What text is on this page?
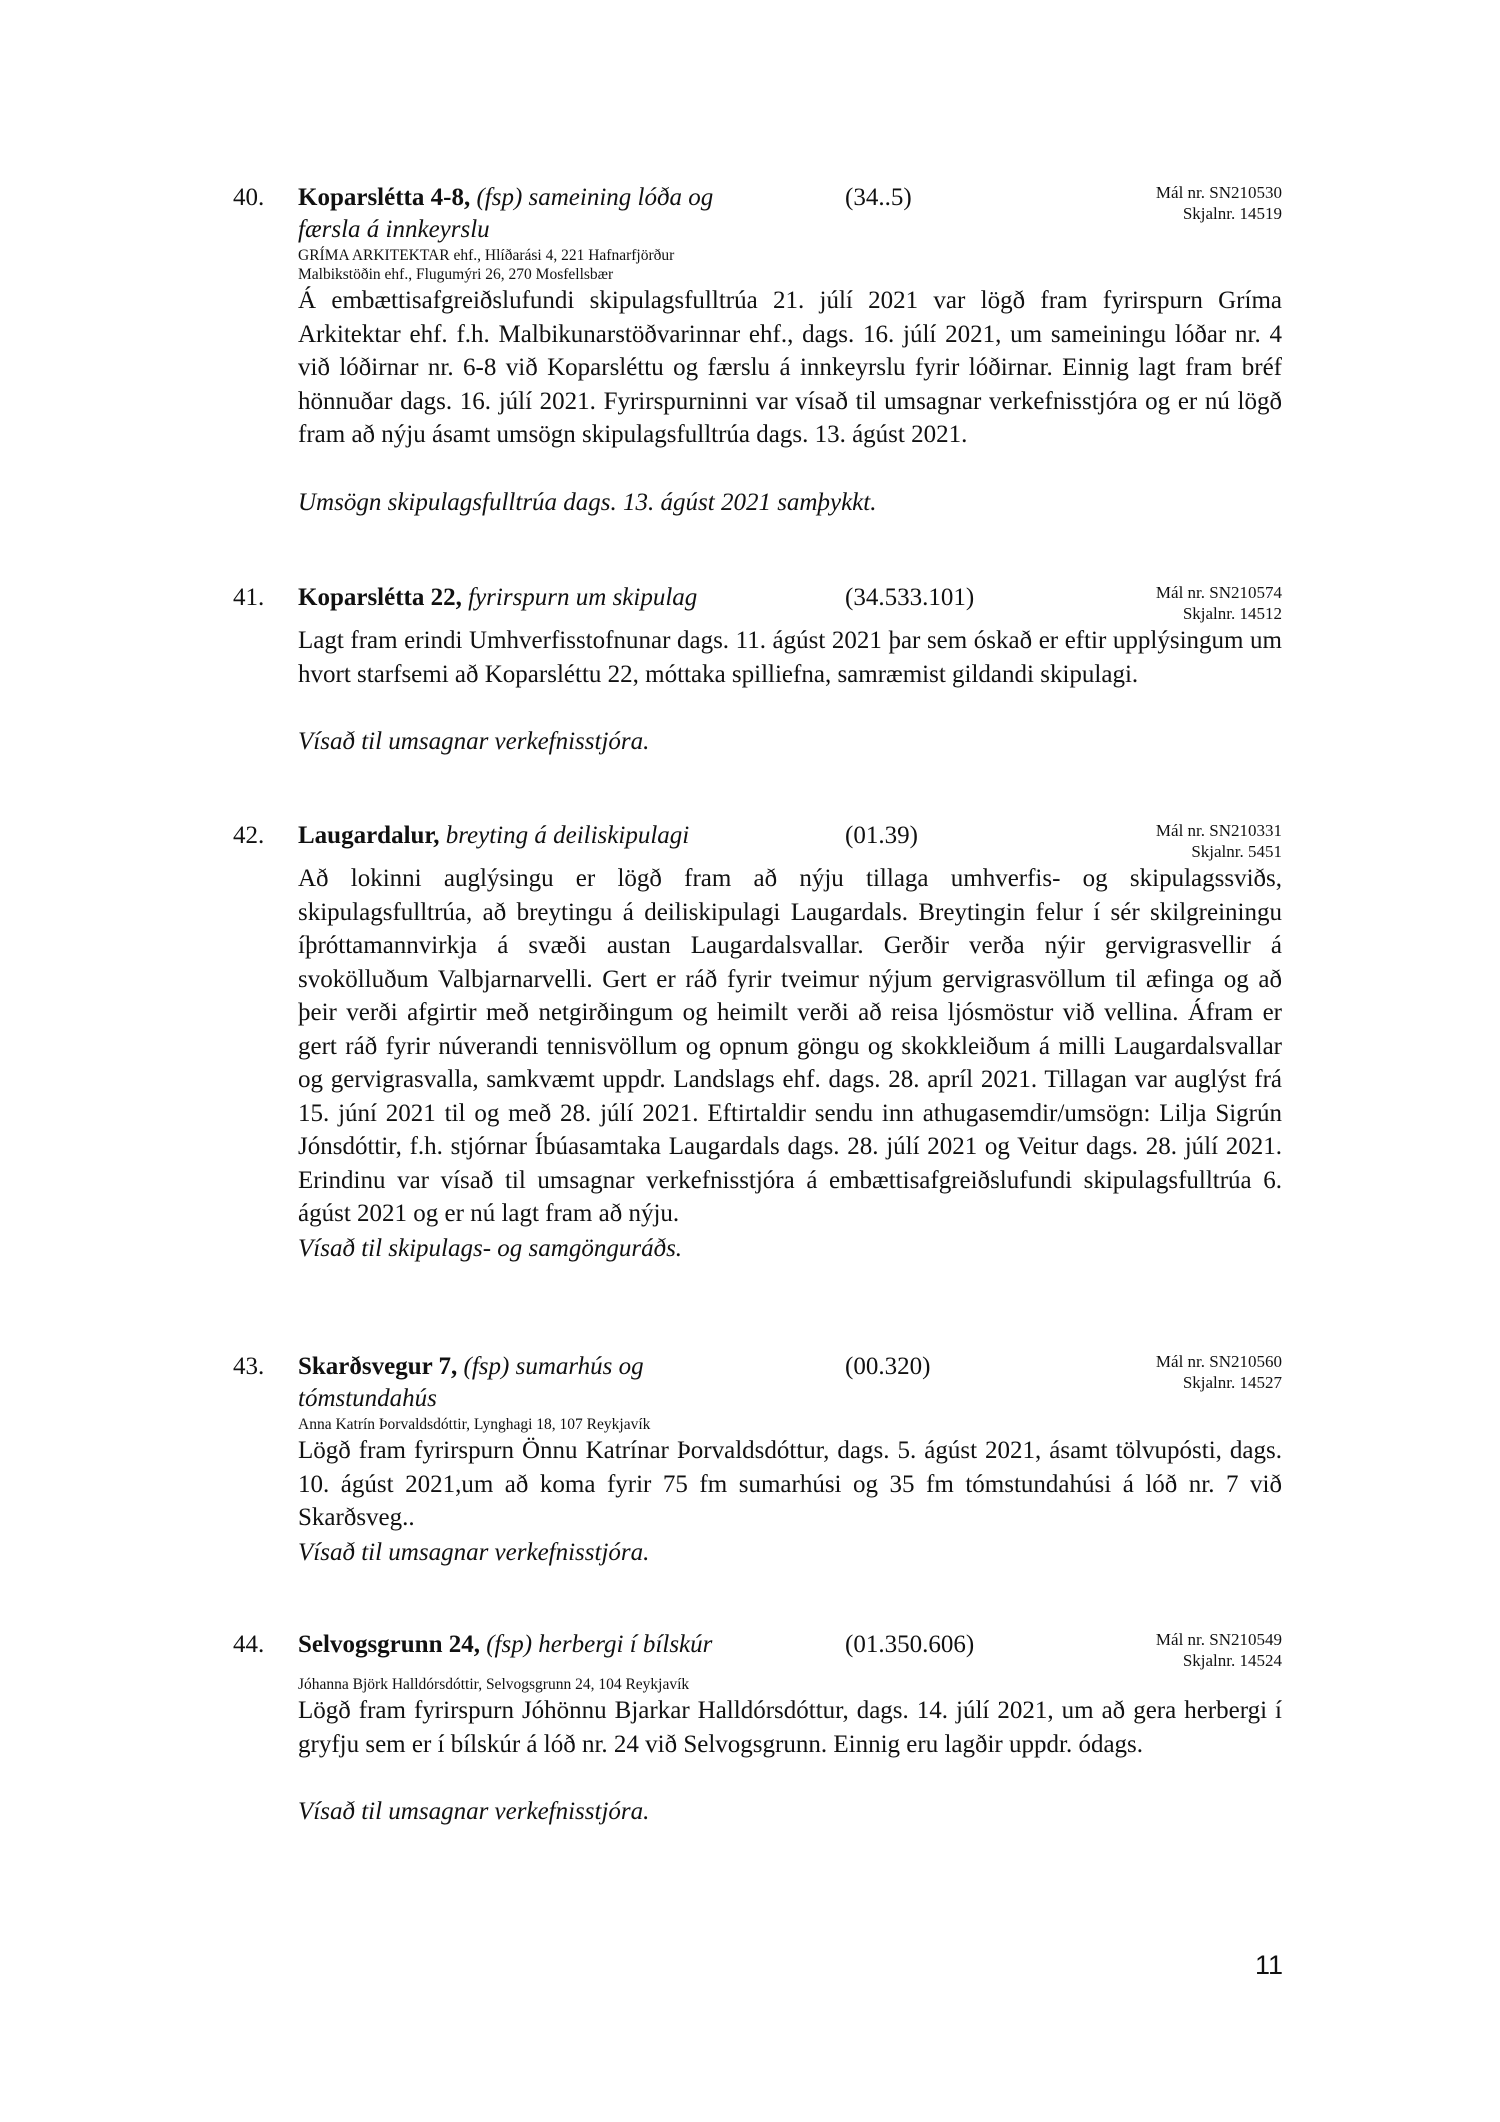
40. Koparslétta 4-8, (fsp) sameining lóða og
færsla á innkeyrslu
(34..5)	Mál nr. SN210530
Skjalnr. 14519
GRÍMA ARKITEKTAR ehf., Hlíðarási 4, 221 Hafnarfjörður
Malbikstöðin ehf., Flugumýri 26, 270 Mosfellsbær
Á embættisafgreiðslufundi skipulagsfulltrúa 21. júlí 2021 var lögð fram fyrirspurn Gríma Arkitektar ehf. f.h. Malbikunarstöðvarinnar ehf., dags. 16. júlí 2021, um sameiningu lóðar nr. 4 við lóðirnar nr. 6-8 við Koparsléttu og færslu á innkeyrslu fyrir lóðirnar. Einnig lagt fram bréf hönnuðar dags. 16. júlí 2021. Fyrirspurninni var vísað til umsagnar verkefnisstjóra og er nú lögð fram að nýju ásamt umsögn skipulagsfulltrúa dags. 13. ágúst 2021.
Umsögn skipulagsfulltrúa dags. 13. ágúst 2021 samþykkt.
41. Koparslétta 22, fyrirspurn um skipulag	(34.533.101)	Mál nr. SN210574
Skjalnr. 14512
Lagt fram erindi Umhverfisstofnunar dags. 11. ágúst 2021 þar sem óskað er eftir upplýsingum um hvort starfsemi að Koparsléttu 22, móttaka spilliefna, samræmist gildandi skipulagi.
Vísað til umsagnar verkefnisstjóra.
42. Laugardalur, breyting á deiliskipulagi	(01.39)	Mál nr. SN210331
Skjalnr. 5451
Að lokinni auglýsingu er lögð fram að nýju tillaga umhverfis- og skipulagssviðs, skipulagsfulltrúa, að breytingu á deiliskipulagi Laugardals. Breytingin felur í sér skilgreiningu íþróttamannvirkja á svæði austan Laugardalsvallar. Gerðir verða nýir gervigrasvellir á svokölluðum Valbjarnarvelli. Gert er ráð fyrir tveimur nýjum gervigrasvöllum til æfinga og að þeir verði afgirtir með netgirðingum og heimilt verði að reisa ljósmöstur við vellina. Áfram er gert ráð fyrir núverandi tennisvöllum og opnum göngu og skokkleiðum á milli Laugardalsvallar og gervigrasvalla, samkvæmt uppdr. Landslags ehf. dags. 28. apríl 2021. Tillagan var auglýst frá 15. júní 2021 til og með 28. júlí 2021. Eftirtaldir sendu inn athugasemdir/umsögn: Lilja Sigrún Jónsdóttir, f.h. stjórnar Íbúasamtaka Laugardals dags. 28. júlí 2021 og Veitur dags. 28. júlí 2021. Erindinu var vísað til umsagnar verkefnisstjóra á embættisafgreiðslufundi skipulagsfulltrúa 6. ágúst 2021 og er nú lagt fram að nýju.
Vísað til skipulags- og samgönguráðs.
43. Skarðsvegur 7, (fsp) sumarhús og
tómstundahús
(00.320)	Mál nr. SN210560
Skjalnr. 14527
Anna Katrín Þorvaldsdóttir, Lynghagi 18, 107 Reykjavík
Lögð fram fyrirspurn Önnu Katrínar Þorvaldsdóttur, dags. 5. ágúst 2021, ásamt tölvupósti, dags. 10. ágúst 2021,um að koma fyrir 75 fm sumarhúsi og 35 fm tómstundahúsi á lóð nr. 7 við Skarðsveg..
Vísað til umsagnar verkefnisstjóra.
44. Selvogsgrunn 24, (fsp) herbergi í bílskúr	(01.350.606)	Mál nr. SN210549
Skjalnr. 14524
Jóhanna Björk Halldórsdóttir, Selvogsgrunn 24, 104 Reykjavík
Lögð fram fyrirspurn Jóhönnu Bjarkar Halldórsdóttur, dags. 14. júlí 2021, um að gera herbergi í gryfju sem er í bílskúr á lóð nr. 24 við Selvogsgrunn. Einnig eru lagðir uppdr. ódags.
Vísað til umsagnar verkefnisstjóra.
11
